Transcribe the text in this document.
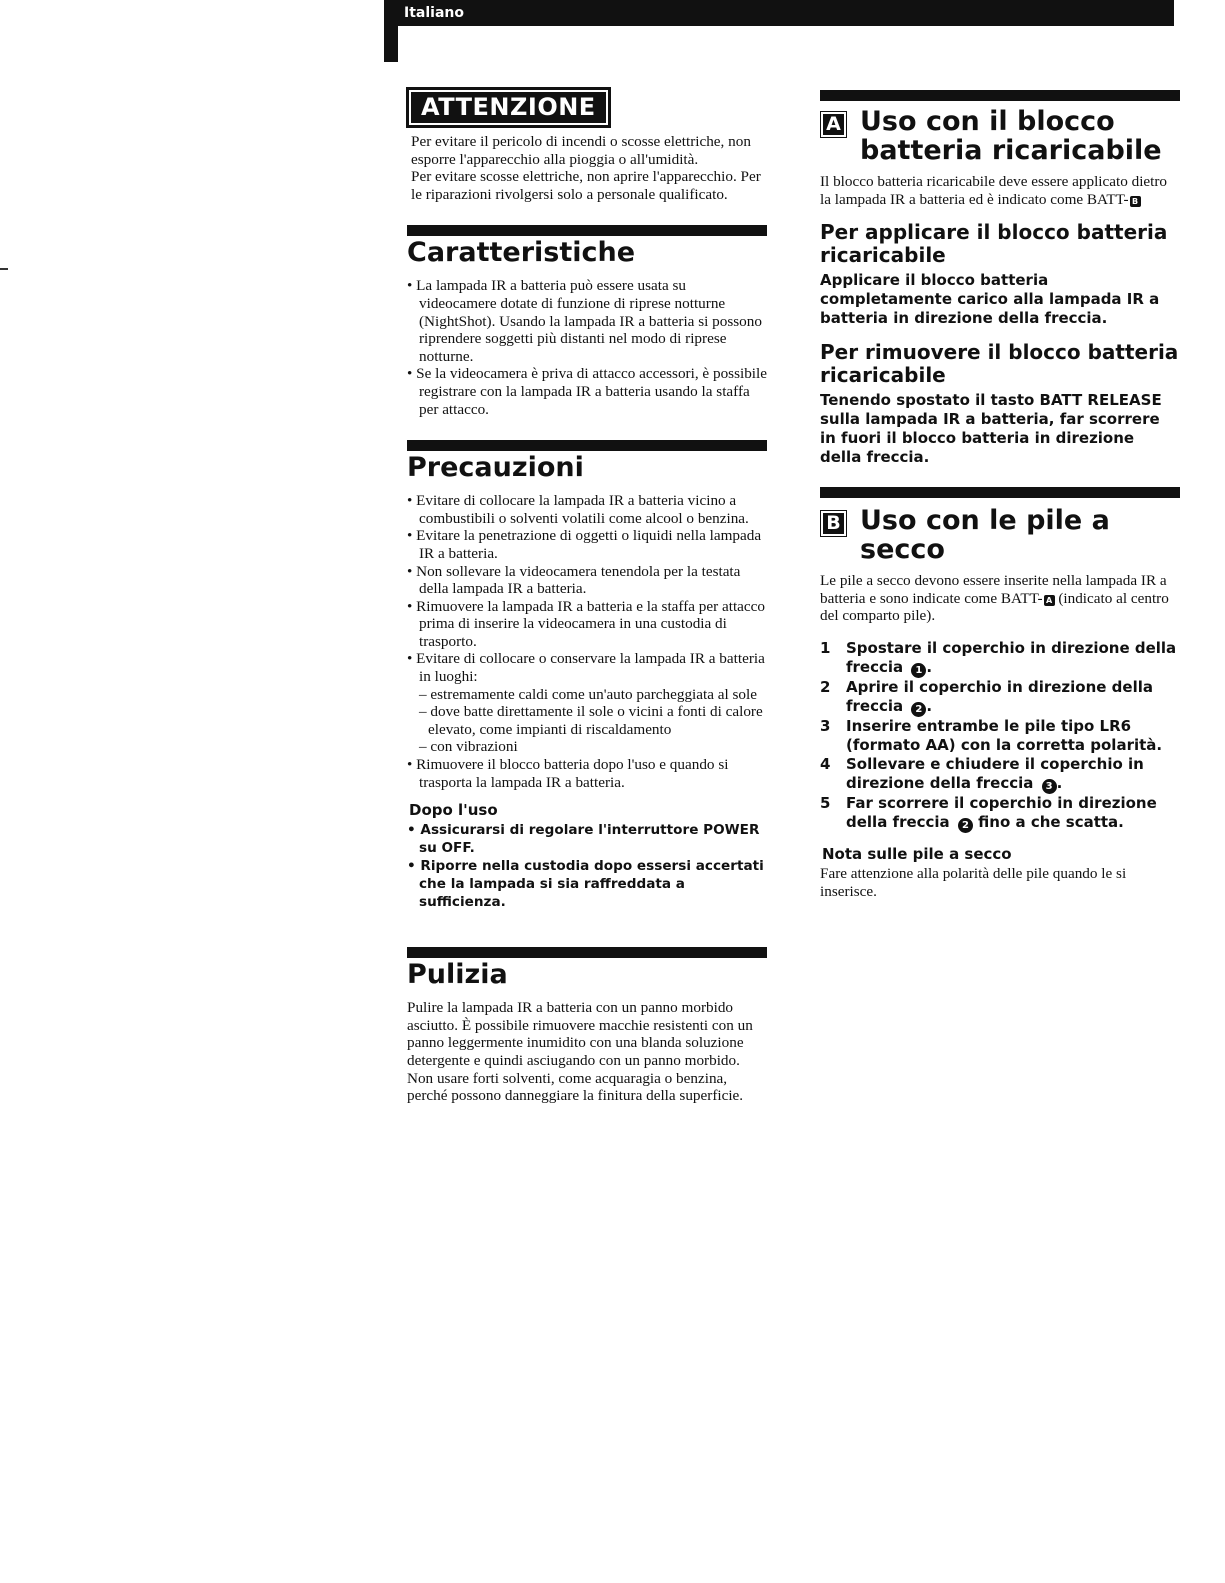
Italiano
ATTENZIONE

Per evitare il pericolo di incendi o scosse elettriche, non esporre l'apparecchio alla pioggia o all'umidità.

Per evitare scosse elettriche, non aprire l'apparecchio. Per le riparazioni rivolgersi solo a personale qualificato.

Caratteristiche
• La lampada IR a batteria può essere usata su videocamere dotate di funzione di riprese notturne (NightShot). Usando la lampada IR a batteria si possono riprendere soggetti più distanti nel modo di riprese notturne.
• Se la videocamera è priva di attacco accessori, è possibile registrare con la lampada IR a batteria usando la staffa per attacco.
Precauzioni
• Evitare di collocare la lampada IR a batteria vicino a combustibili o solventi volatili come alcool o benzina.
• Evitare la penetrazione di oggetti o liquidi nella lampada IR a batteria.
• Non sollevare la videocamera tenendola per la testata della lampada IR a batteria.
• Rimuovere la lampada IR a batteria e la staffa per attacco prima di inserire la videocamera in una custodia di trasporto.
• Evitare di collocare o conservare la lampada IR a batteria in luoghi:
– estremamente caldi come un'auto parcheggiata al sole
– dove batte direttamente il sole o vicini a fonti di calore elevato, come impianti di riscaldamento
– con vibrazioni
• Rimuovere il blocco batteria dopo l'uso e quando si trasporta la lampada IR a batteria.
Dopo l'uso
• Assicurarsi di regolare l'interruttore POWER su OFF.
• Riporre nella custodia dopo essersi accertati che la lampada si sia raffreddata a sufficienza.
Pulizia

Pulire la lampada IR a batteria con un panno morbido asciutto. È possibile rimuovere macchie resistenti con un panno leggermente inumidito con una blanda soluzione detergente e quindi asciugando con un panno morbido.

Non usare forti solventi, come acquaragia o benzina, perché possono danneggiare la finitura della superficie.

A Uso con il blocco batteria ricaricabile

Il blocco batteria ricaricabile deve essere applicato dietro la lampada IR a batteria ed è indicato come BATT- B

Per applicare il blocco batteria ricaricabile

Applicare il blocco batteria completamente carico alla lampada IR a batteria in direzione della freccia.

Per rimuovere il blocco batteria ricaricabile

Tenendo spostato il tasto BATT RELEASE sulla lampada IR a batteria, far scorrere in fuori il blocco batteria in direzione della freccia.

B Uso con le pile a secco

Le pile a secco devono essere inserite nella lampada IR a batteria e sono indicate come BATT- A (indicato al centro del comparto pile).

1	Spostare il coperchio in direzione della freccia 1 .
2	Aprire il coperchio in direzione della freccia 2 .
3	Inserire entrambe le pile tipo LR6 (formato AA) con la corretta polarità.
4	Sollevare e chiudere il coperchio in direzione della freccia 3 .
5	Far scorrere il coperchio in direzione della freccia 2 fino a che scatta.
Nota sulle pile a secco

Fare attenzione alla polarità delle pile quando le si inserisce.
